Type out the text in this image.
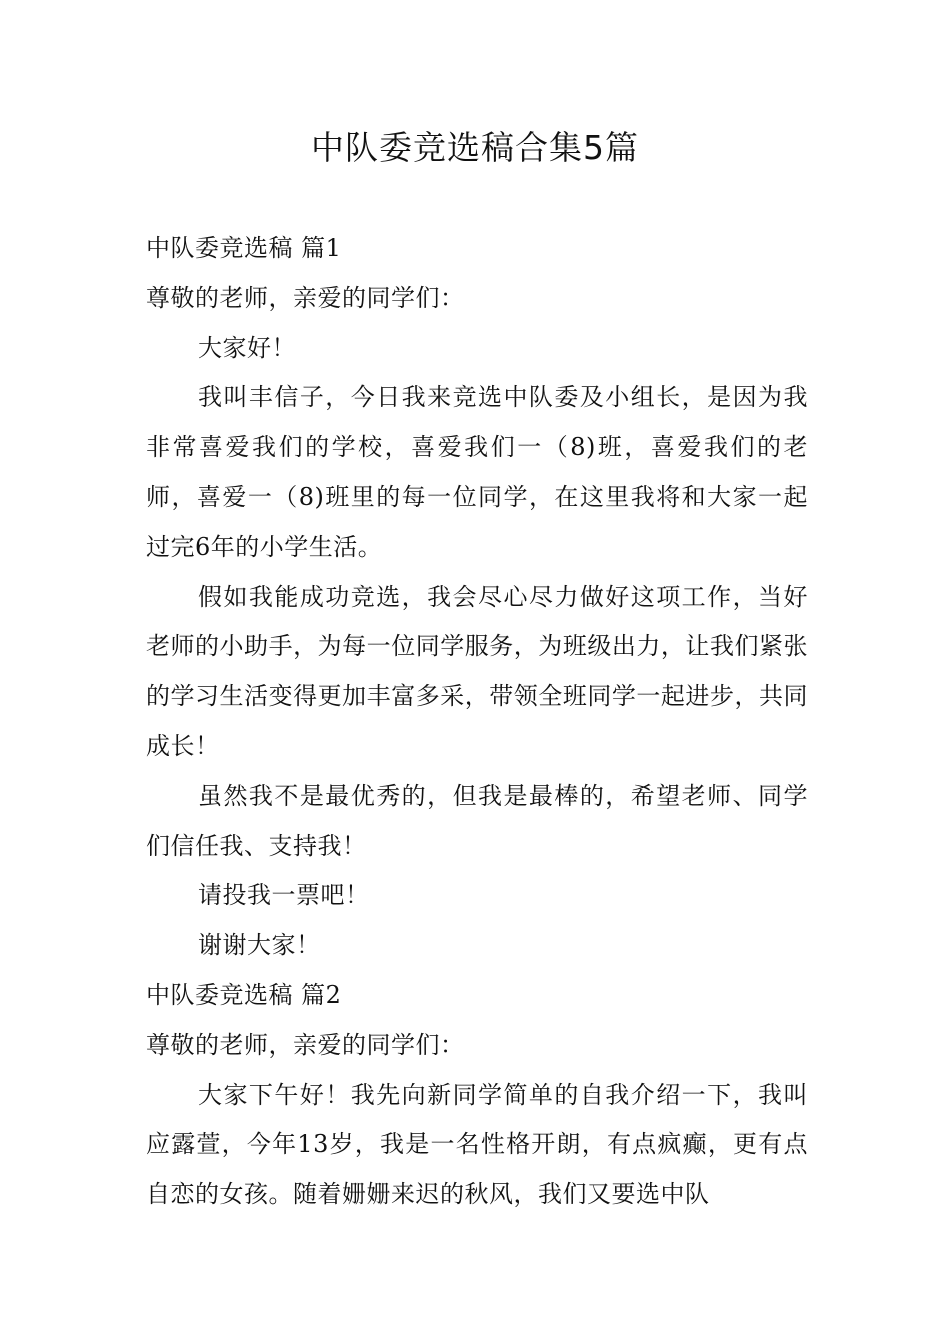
中队委竞选稿合集5篇

中队委竞选稿 篇1

尊敬的老师，亲爱的同学们：

大家好！

我叫丰信子，今日我来竞选中队委及小组长，是因为我非常喜爱我们的学校，喜爱我们一（8)班，喜爱我们的老师，喜爱一（8)班里的每一位同学，在这里我将和大家一起过完6年的小学生活。

假如我能成功竞选，我会尽心尽力做好这项工作，当好老师的小助手，为每一位同学服务，为班级出力，让我们紧张的学习生活变得更加丰富多采，带领全班同学一起进步，共同成长！

虽然我不是最优秀的，但我是最棒的，希望老师、同学们信任我、支持我！

请投我一票吧！

谢谢大家！

中队委竞选稿 篇2

尊敬的老师，亲爱的同学们：

大家下午好！我先向新同学简单的自我介绍一下，我叫应露萱，今年13岁，我是一名性格开朗，有点疯癫，更有点自恋的女孩。随着姗姗来迟的秋风，我们又要选中队
